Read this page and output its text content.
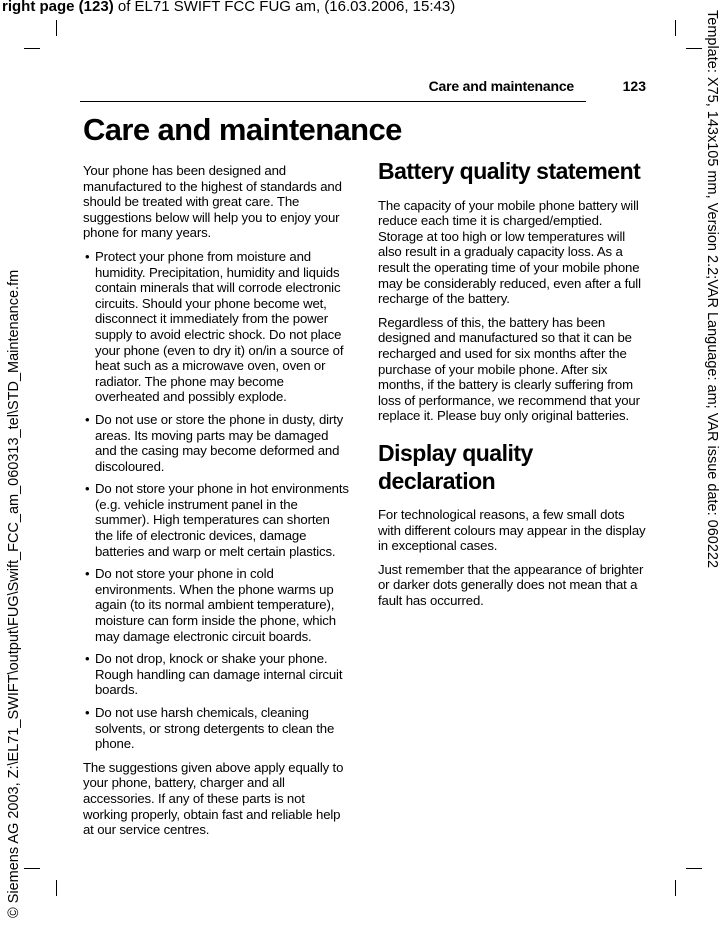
right page (123) of EL71 SWIFT FCC FUG am, (16.03.2006, 15:43)
© Siemens AG 2003, Z:\EL71_SWIFT\output\FUG\Swift_FCC_am_060313_tel\STD_Maintenance.fm	Template: X75, 143x105 mm, Version 2.2;VAR Language: am; VAR issue date: 060222
Care and maintenance	123
Care and maintenance

Your phone has been designed and manufactured to the highest of standards and should be treated with great care. The suggestions below will help you to enjoy your phone for many years.

• Protect your phone from moisture and humidity. Precipitation, humidity and liquids contain minerals that will corrode electronic circuits. Should your phone become wet, disconnect it immediately from the power supply to avoid electric shock. Do not place your phone (even to dry it) on/in a source of heat such as a microwave oven, oven or radiator. The phone may become overheated and possibly explode.
• Do not use or store the phone in dusty, dirty areas. Its moving parts may be damaged and the casing may become deformed and discoloured.
• Do not store your phone in hot environments (e.g. vehicle instrument panel in the summer). High temperatures can shorten the life of electronic devices, damage batteries and warp or melt certain plastics.
• Do not store your phone in cold environments. When the phone warms up again (to its normal ambient temperature), moisture can form inside the phone, which may damage electronic circuit boards.
• Do not drop, knock or shake your phone. Rough handling can damage internal circuit boards.
• Do not use harsh chemicals, cleaning solvents, or strong detergents to clean the phone.

The suggestions given above apply equally to your phone, battery, charger and all accessories. If any of these parts is not working properly, obtain fast and reliable help at our service centres.

Battery quality statement

The capacity of your mobile phone battery will reduce each time it is charged/emptied. Storage at too high or low temperatures will also result in a gradualy capacity loss. As a result the operating time of your mobile phone may be considerably reduced, even after a full recharge of the battery.

Regardless of this, the battery has been designed and manufactured so that it can be recharged and used for six months after the purchase of your mobile phone. After six months, if the battery is clearly suffering from loss of performance, we recommend that your replace it. Please buy only original batteries.

Display quality declaration

For technological reasons, a few small dots with different colours may appear in the display in exceptional cases.

Just remember that the appearance of brighter or darker dots generally does not mean that a fault has occurred.
